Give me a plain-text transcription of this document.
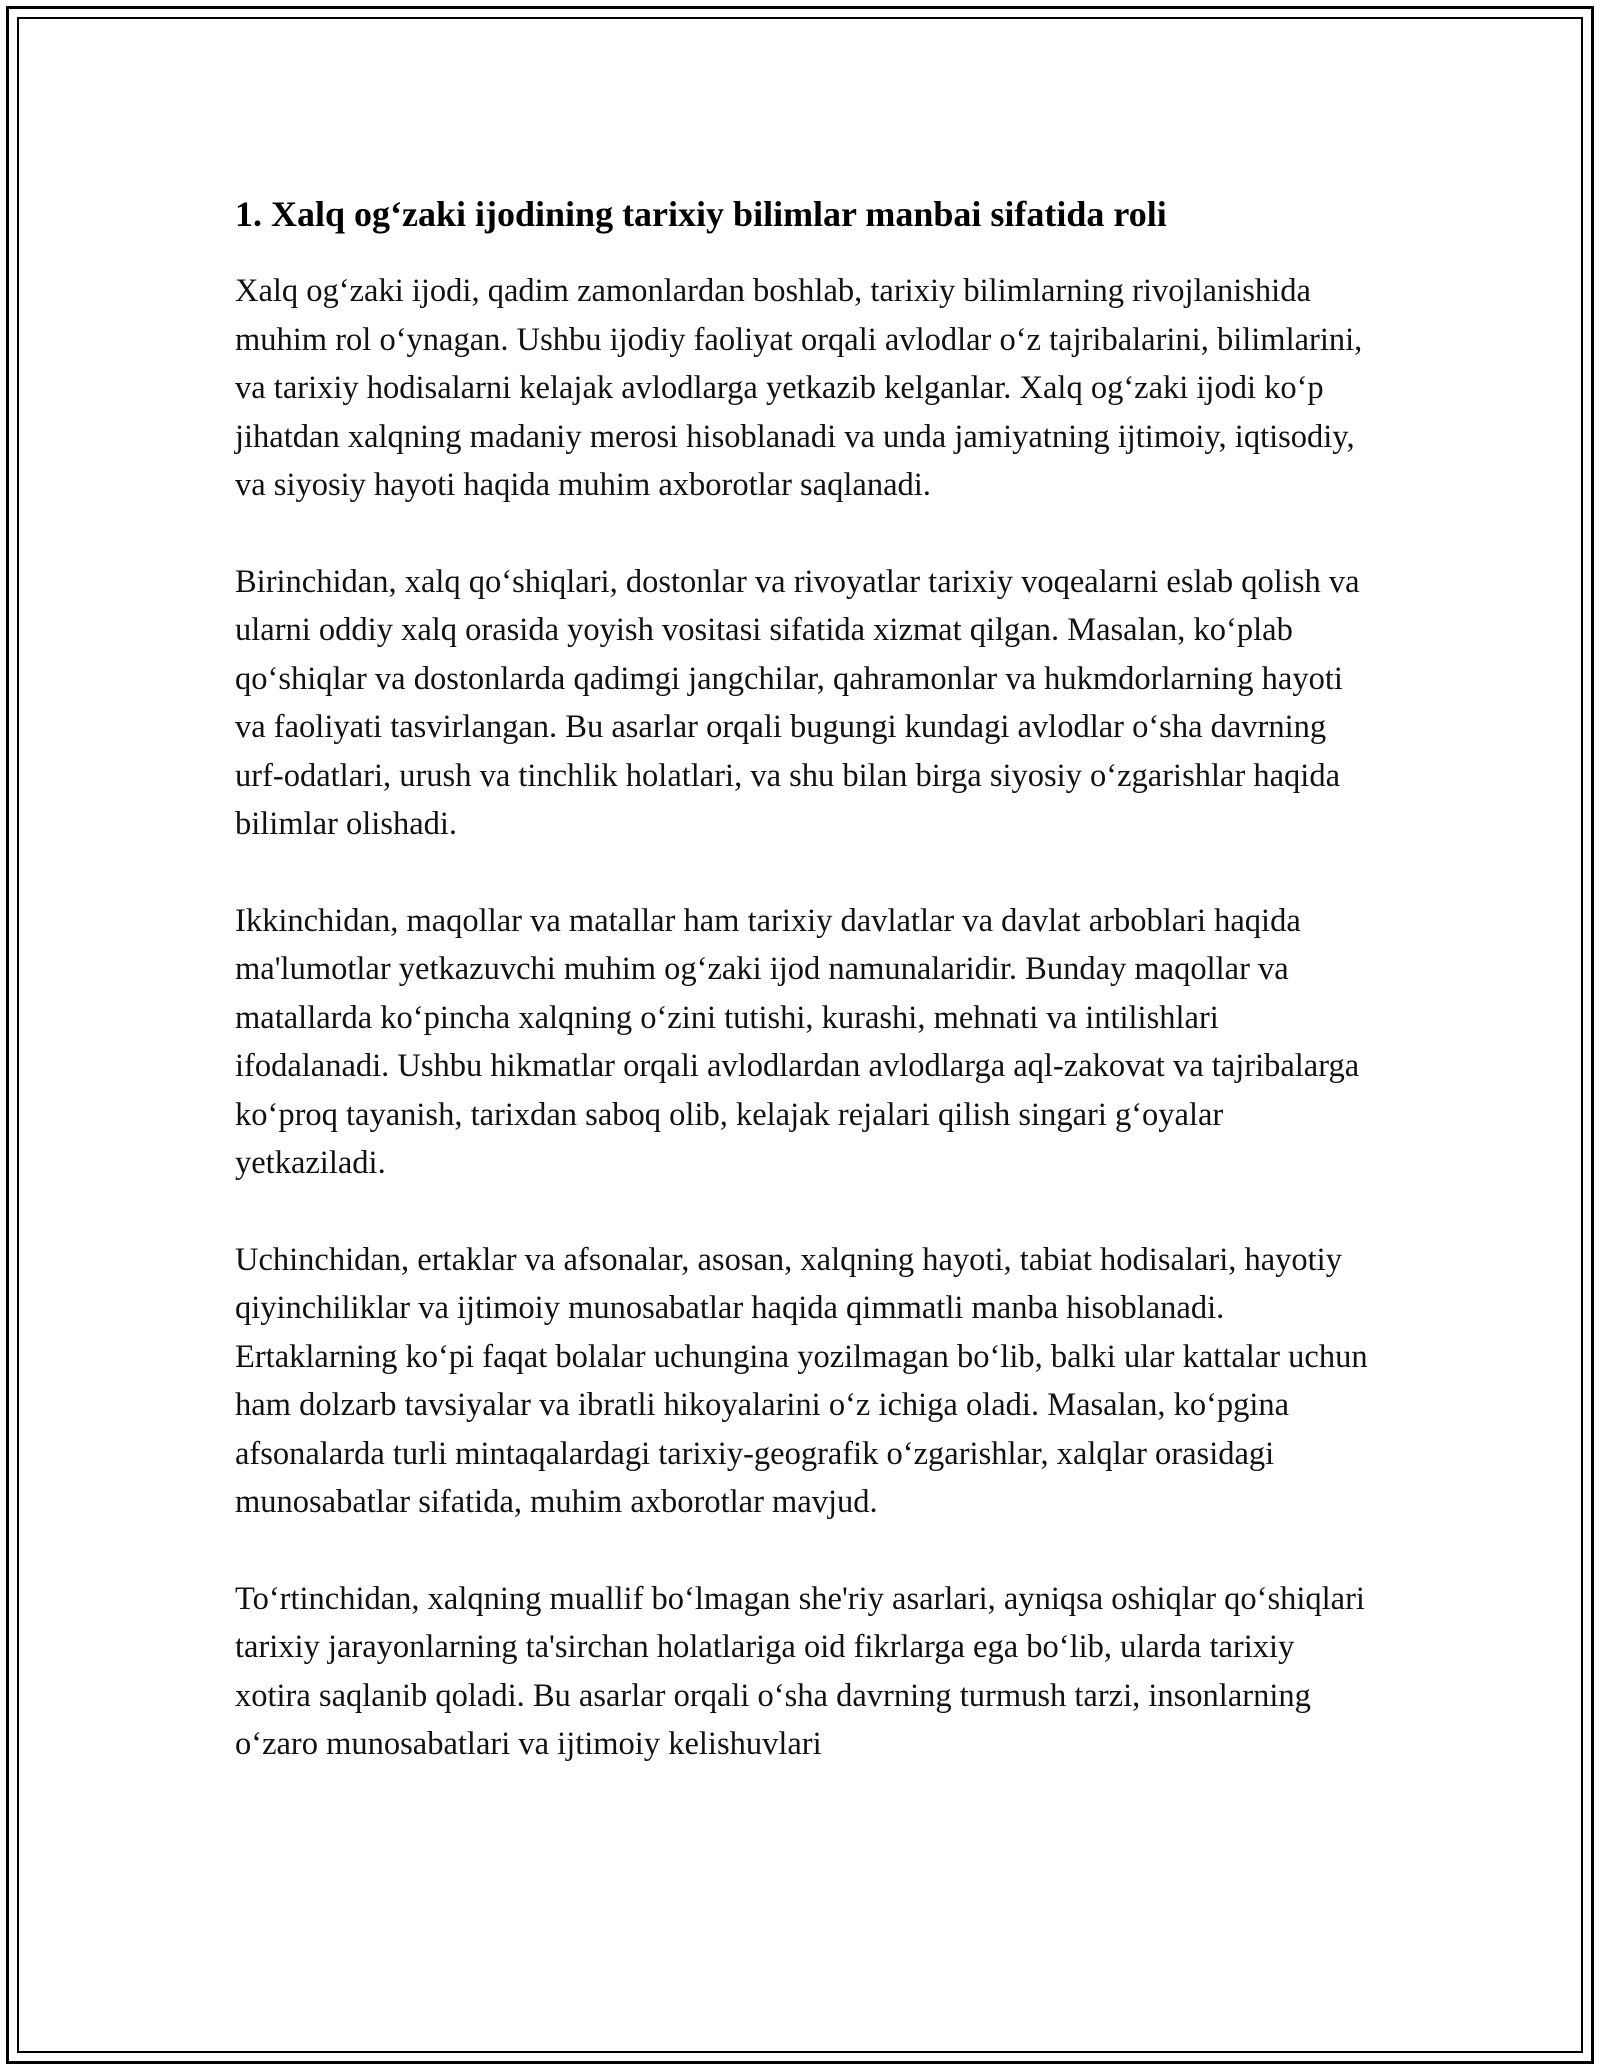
1. Xalq og‘zaki ijodining tarixiy bilimlar manbai sifatida roli

Xalq og‘zaki ijodi, qadim zamonlardan boshlab, tarixiy bilimlarning rivojlanishida muhim rol o‘ynagan. Ushbu ijodiy faoliyat orqali avlodlar o‘z tajribalarini, bilimlarini, va tarixiy hodisalarni kelajak avlodlarga yetkazib kelganlar. Xalq og‘zaki ijodi ko‘p jihatdan xalqning madaniy merosi hisoblanadi va unda jamiyatning ijtimoiy, iqtisodiy, va siyosiy hayoti haqida muhim axborotlar saqlanadi.

Birinchidan, xalq qo‘shiqlari, dostonlar va rivoyatlar tarixiy voqealarni eslab qolish va ularni oddiy xalq orasida yoyish vositasi sifatida xizmat qilgan. Masalan, ko‘plab qo‘shiqlar va dostonlarda qadimgi jangchilar, qahramonlar va hukmdorlarning hayoti va faoliyati tasvirlangan. Bu asarlar orqali bugungi kundagi avlodlar o‘sha davrning urf-odatlari, urush va tinchlik holatlari, va shu bilan birga siyosiy o‘zgarishlar haqida bilimlar olishadi.

Ikkinchidan, maqollar va matallar ham tarixiy davlatlar va davlat arboblari haqida ma'lumotlar yetkazuvchi muhim og‘zaki ijod namunalaridir. Bunday maqollar va matallarda ko‘pincha xalqning o‘zini tutishi, kurashi, mehnati va intilishlari ifodalanadi. Ushbu hikmatlar orqali avlodlardan avlodlarga aql-zakovat va tajribalarga ko‘proq tayanish, tarixdan saboq olib, kelajak rejalari qilish singari g‘oyalar yetkaziladi.

Uchinchidan, ertaklar va afsonalar, asosan, xalqning hayoti, tabiat hodisalari, hayotiy qiyinchiliklar va ijtimoiy munosabatlar haqida qimmatli manba hisoblanadi. Ertaklarning ko‘pi faqat bolalar uchungina yozilmagan bo‘lib, balki ular kattalar uchun ham dolzarb tavsiyalar va ibratli hikoyalarini o‘z ichiga oladi. Masalan, ko‘pgina afsonalarda turli mintaqalardagi tarixiy-geografik o‘zgarishlar, xalqlar orasidagi munosabatlar sifatida, muhim axborotlar mavjud.

To‘rtinchidan, xalqning muallif bo‘lmagan she'riy asarlari, ayniqsa oshiqlar qo‘shiqlari tarixiy jarayonlarning ta'sirchan holatlariga oid fikrlarga ega bo‘lib, ularda tarixiy xotira saqlanib qoladi. Bu asarlar orqali o‘sha davrning turmush tarzi, insonlarning o‘zaro munosabatlari va ijtimoiy kelishuvlari
